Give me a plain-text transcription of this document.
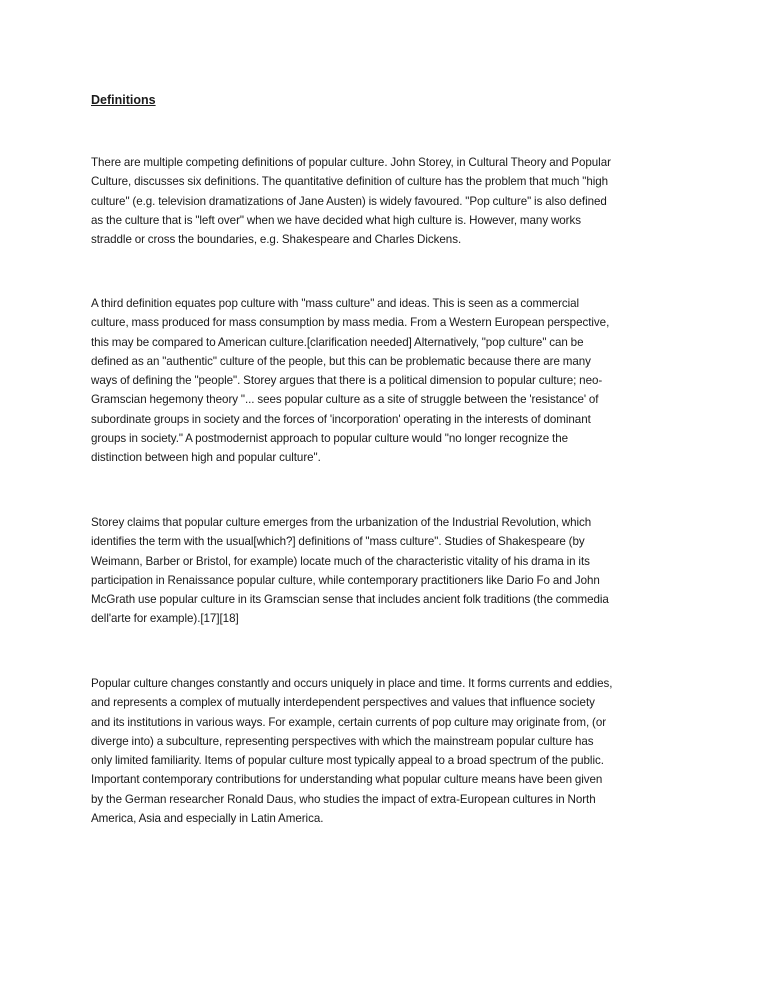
Definitions
There are multiple competing definitions of popular culture. John Storey, in Cultural Theory and Popular
Culture, discusses six definitions. The quantitative definition of culture has the problem that much "high
culture" (e.g. television dramatizations of Jane Austen) is widely favoured. "Pop culture" is also defined
as the culture that is "left over" when we have decided what high culture is. However, many works
straddle or cross the boundaries, e.g. Shakespeare and Charles Dickens.
A third definition equates pop culture with "mass culture" and ideas. This is seen as a commercial
culture, mass produced for mass consumption by mass media. From a Western European perspective,
this may be compared to American culture.[clarification needed] Alternatively, "pop culture" can be
defined as an "authentic" culture of the people, but this can be problematic because there are many
ways of defining the "people". Storey argues that there is a political dimension to popular culture; neo-
Gramscian hegemony theory "... sees popular culture as a site of struggle between the 'resistance' of
subordinate groups in society and the forces of 'incorporation' operating in the interests of dominant
groups in society." A postmodernist approach to popular culture would "no longer recognize the
distinction between high and popular culture".
Storey claims that popular culture emerges from the urbanization of the Industrial Revolution, which
identifies the term with the usual[which?] definitions of "mass culture". Studies of Shakespeare (by
Weimann, Barber or Bristol, for example) locate much of the characteristic vitality of his drama in its
participation in Renaissance popular culture, while contemporary practitioners like Dario Fo and John
McGrath use popular culture in its Gramscian sense that includes ancient folk traditions (the commedia
dell'arte for example).[17][18]
Popular culture changes constantly and occurs uniquely in place and time. It forms currents and eddies,
and represents a complex of mutually interdependent perspectives and values that influence society
and its institutions in various ways. For example, certain currents of pop culture may originate from, (or
diverge into) a subculture, representing perspectives with which the mainstream popular culture has
only limited familiarity. Items of popular culture most typically appeal to a broad spectrum of the public.
Important contemporary contributions for understanding what popular culture means have been given
by the German researcher Ronald Daus, who studies the impact of extra-European cultures in North
America, Asia and especially in Latin America.
